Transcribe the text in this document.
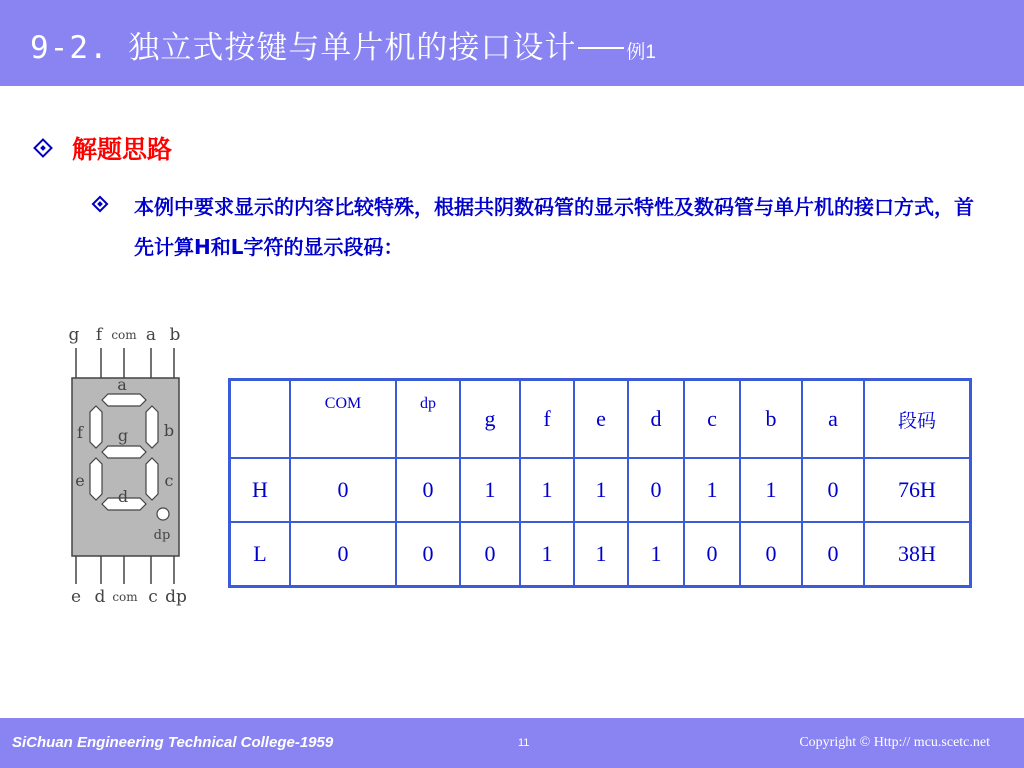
9-2. 独立式按键与单片机的接口设计	例1
解题思路
本例中要求显示的内容比较特殊，根据共阴数码管的显示特性及数码管与单片机的接口方式，首先计算H和L字符的显示段码：
g f com a b
e d com c dp
a
b
c
d
e
f g
dp
	COM	dp	g	f	e	d	c	b	a	段码
H	0	0	1	1	1	0	1	1	0	76H
L	0	0	0	1	1	1	0	0	0	38H
SiChuan Engineering Technical College-1959	11	Copyright © Http:// mcu.scetc.net
